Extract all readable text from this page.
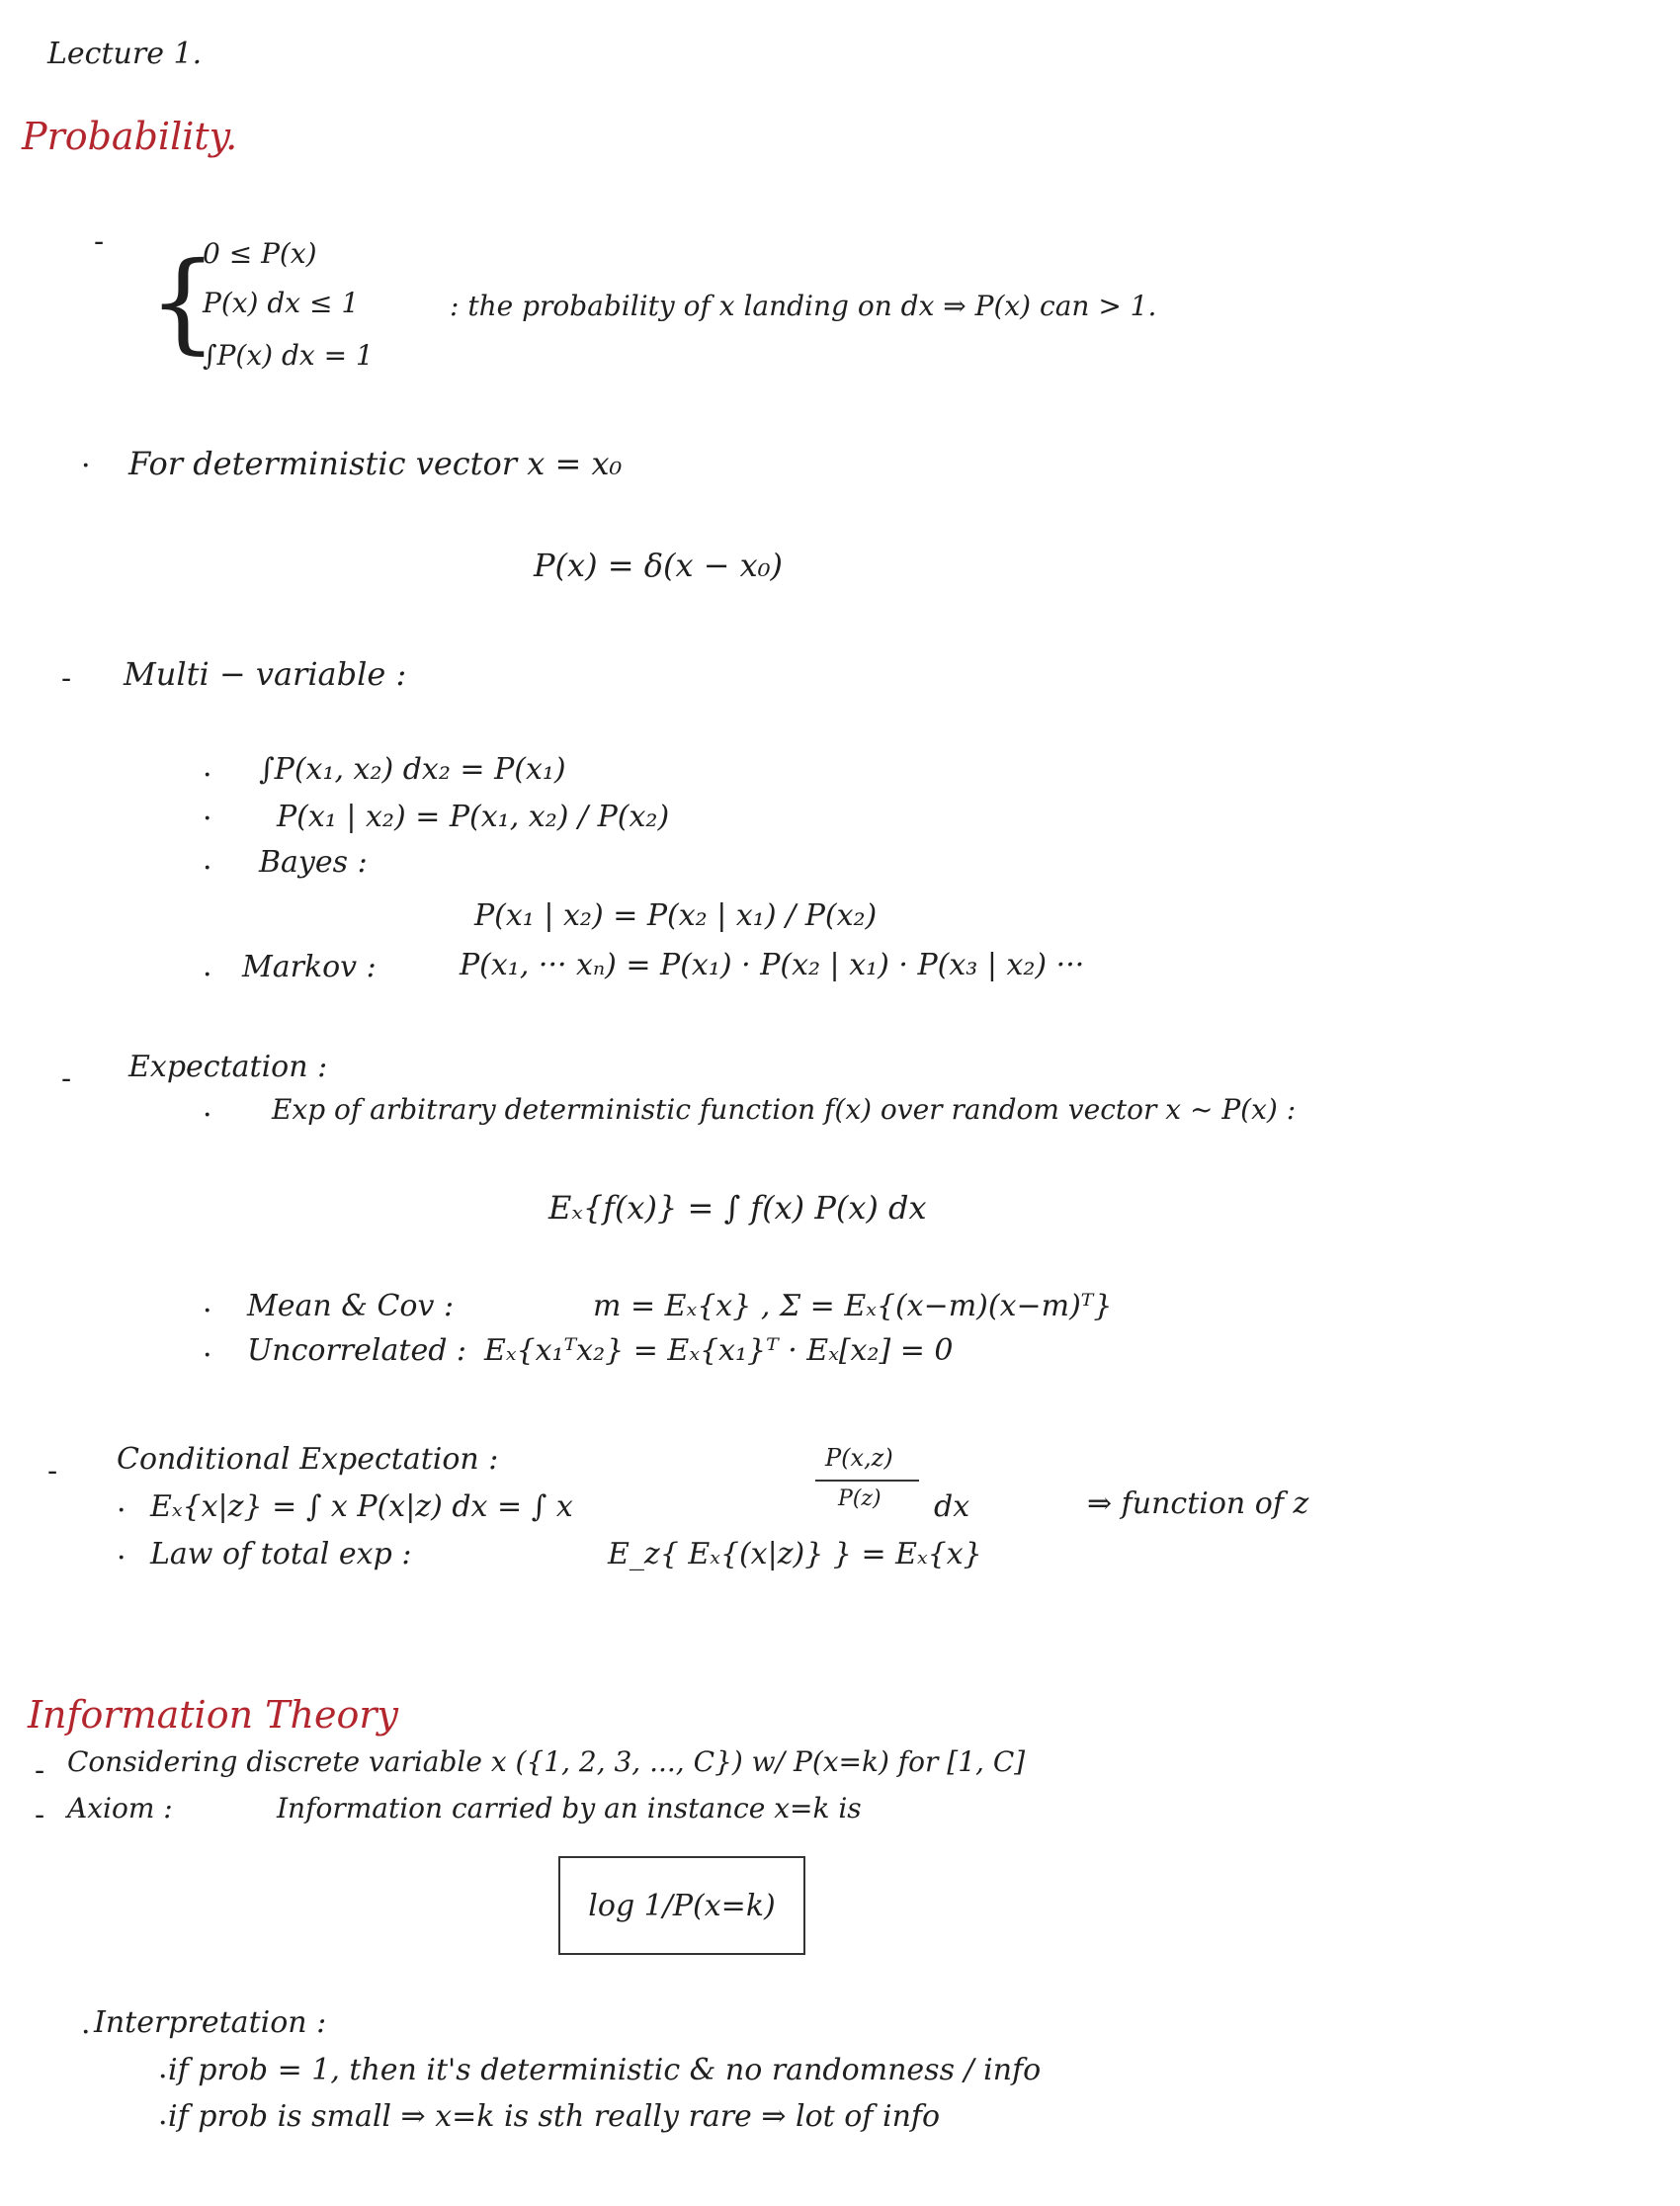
Lecture 1.
Probability.
- {
0 ≤ P(x)
P(x) dx ≤ 1
∫P(x) dx = 1
: the probability of x landing on dx ⇒ P(x) can > 1.
· For deterministic vector x = x₀
P(x) = δ(x − x₀)
- Multi − variable :
· ∫P(x₁, x₂) dx₂ = P(x₁)
· P(x₁ | x₂) = P(x₁, x₂) / P(x₂)
· Bayes :
P(x₁ | x₂) = P(x₂ | x₁) / P(x₂)
· Markov :	P(x₁, ··· xₙ) = P(x₁) · P(x₂ | x₁) · P(x₃ | x₂) ···
- Expectation :
· Exp of arbitrary deterministic function f(x) over random vector x ~ P(x) :
Eₓ{f(x)} = ∫ f(x) P(x) dx
· Mean & Cov :	m = Eₓ{x} , Σ = Eₓ{(x−m)(x−m)ᵀ}
· Uncorrelated : Eₓ{x₁ᵀx₂} = Eₓ{x₁}ᵀ · Eₓ[x₂] = 0
- Conditional Expectation :
· Eₓ{x|z} = ∫ x P(x|z) dx = ∫ x
P(x,z)
P(z) dx	⇒ function of z
· Law of total exp :	E_z{ Eₓ{(x|z)} } = Eₓ{x}
Information Theory
- Considering discrete variable x ({1, 2, 3, ..., C}) w/ P(x=k) for [1, C]
- Axiom :	Information carried by an instance x=k is
log 1/P(x=k)
· Interpretation :
· if prob = 1, then it's deterministic & no randomness / info
· if prob is small ⇒ x=k is sth really rare ⇒ lot of info
